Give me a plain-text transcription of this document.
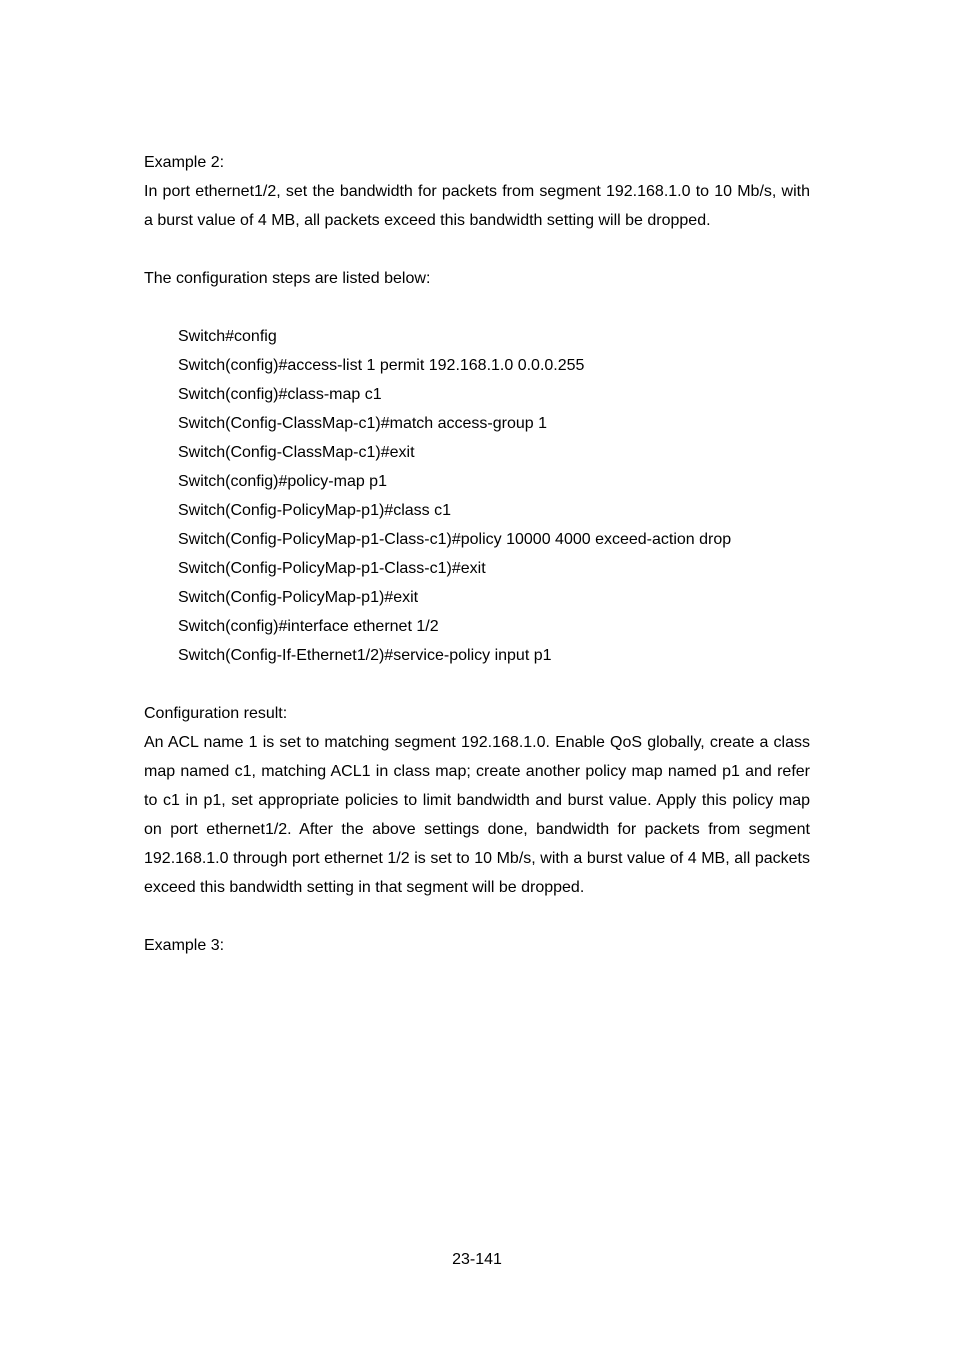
Example 2:
In port ethernet1/2, set the bandwidth for packets from segment 192.168.1.0 to 10 Mb/s, with a burst value of 4 MB, all packets exceed this bandwidth setting will be dropped.
The configuration steps are listed below:
Switch#config
Switch(config)#access-list 1 permit 192.168.1.0 0.0.0.255
Switch(config)#class-map c1
Switch(Config-ClassMap-c1)#match access-group 1
Switch(Config-ClassMap-c1)#exit
Switch(config)#policy-map p1
Switch(Config-PolicyMap-p1)#class c1
Switch(Config-PolicyMap-p1-Class-c1)#policy 10000 4000 exceed-action drop
Switch(Config-PolicyMap-p1-Class-c1)#exit
Switch(Config-PolicyMap-p1)#exit
Switch(config)#interface ethernet 1/2
Switch(Config-If-Ethernet1/2)#service-policy input p1
Configuration result:
An ACL name 1 is set to matching segment 192.168.1.0. Enable QoS globally, create a class map named c1, matching ACL1 in class map; create another policy map named p1 and refer to c1 in p1, set appropriate policies to limit bandwidth and burst value. Apply this policy map on port ethernet1/2. After the above settings done, bandwidth for packets from segment 192.168.1.0 through port ethernet 1/2 is set to 10 Mb/s, with a burst value of 4 MB, all packets exceed this bandwidth setting in that segment will be dropped.
Example 3:
23-141
